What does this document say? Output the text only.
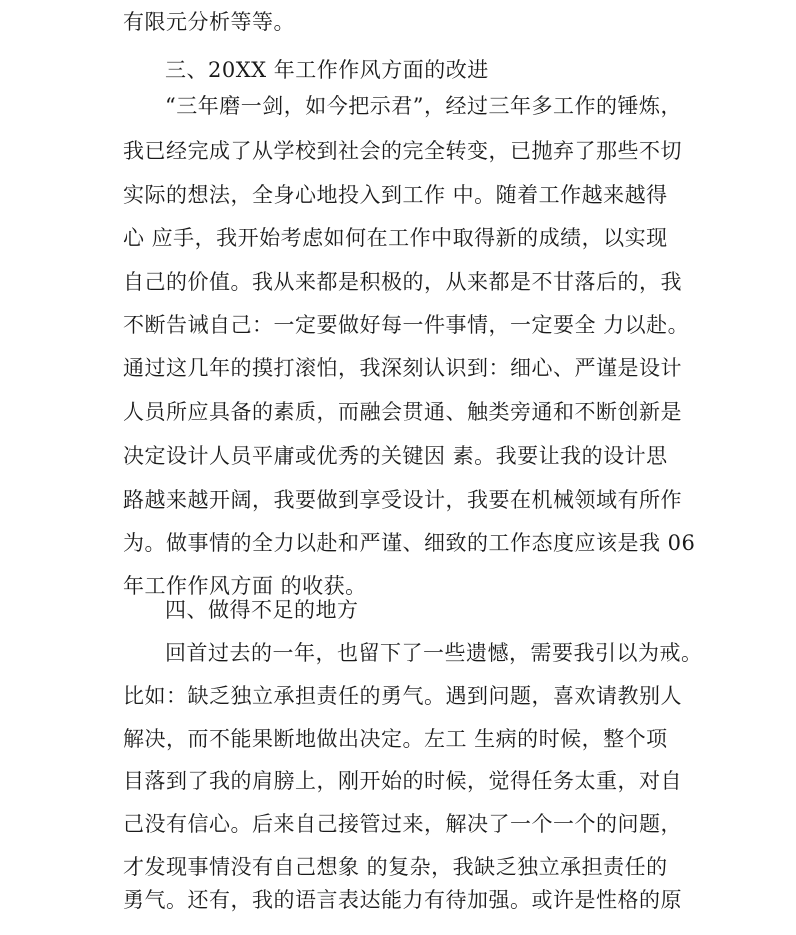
有限元分析等等。
三、20XX 年工作作风方面的改进
“三年磨一剑，如今把示君”，经过三年多工作的锤炼，
我已经完成了从学校到社会的完全转变，已抛弃了那些不切
实际的想法，全身心地投入到工作 中。随着工作越来越得
心 应手，我开始考虑如何在工作中取得新的成绩，以实现
自己的价值。我从来都是积极的，从来都是不甘落后的，我
不断告诫自己：一定要做好每一件事情，一定要全 力以赴。
通过这几年的摸打滚怕，我深刻认识到：细心、严谨是设计
人员所应具备的素质，而融会贯通、触类旁通和不断创新是
决定设计人员平庸或优秀的关键因 素。我要让我的设计思
路越来越开阔，我要做到享受设计，我要在机械领域有所作
为。做事情的全力以赴和严谨、细致的工作态度应该是我 06
年工作作风方面 的收获。
四、做得不足的地方
回首过去的一年，也留下了一些遗憾，需要我引以为戒。
比如：缺乏独立承担责任的勇气。遇到问题，喜欢请教别人
解决，而不能果断地做出决定。左工 生病的时候，整个项
目落到了我的肩膀上，刚开始的时候，觉得任务太重，对自
己没有信心。后来自己接管过来，解决了一个一个的问题，
才发现事情没有自己想象 的复杂，我缺乏独立承担责任的
勇气。还有，我的语言表达能力有待加强。或许是性格的原
